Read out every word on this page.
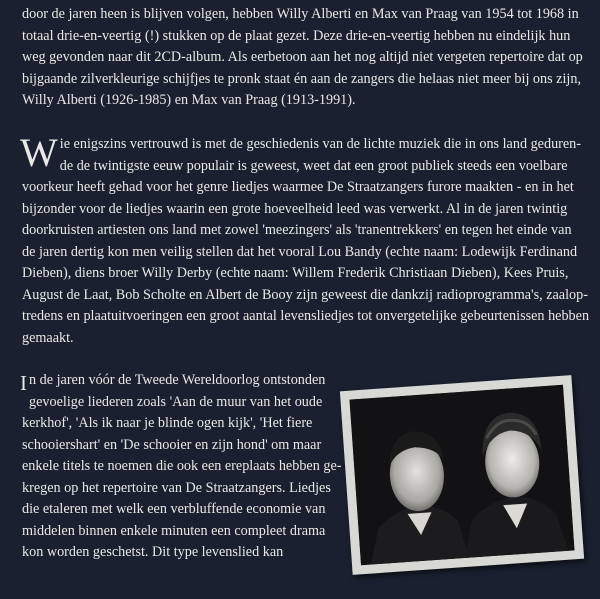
door de jaren heen is blijven volgen, hebben Willy Alberti en Max van Praag van 1954 tot 1968 in
totaal drie-en-veertig (!) stukken op de plaat gezet. Deze drie-en-veertig hebben nu eindelijk hun
weg gevonden naar dit 2CD-album. Als eerbetoon aan het nog altijd niet vergeten repertoire dat op
bijgaande zilverkleurige schijfjes te pronk staat én aan de zangers die helaas niet meer bij ons zijn,
Willy Alberti (1926-1985) en Max van Praag (1913-1991).
W ie enigszins vertrouwd is met de geschiedenis van de lichte muziek die in ons land geduren-
de de twintigste eeuw populair is geweest, weet dat een groot publiek steeds een voelbare
voorkeur heeft gehad voor het genre liedjes waarmee De Straatzangers furore maakten - en in het
bijzonder voor de liedjes waarin een grote hoeveelheid leed was verwerkt. Al in de jaren twintig
doorkruisten artiesten ons land met zowel 'meezingers' als 'tranentrekkers' en tegen het einde van
de jaren dertig kon men veilig stellen dat het vooral Lou Bandy (echte naam: Lodewijk Ferdinand
Dieben), diens broer Willy Derby (echte naam: Willem Frederik Christiaan Dieben), Kees Pruis,
August de Laat, Bob Scholte en Albert de Booy zijn geweest die dankzij radioprogramma's, zaalop-
tredens en plaatuitvoeringen een groot aantal levensliedjes tot onvergetelijke gebeurtenissen hebben
gemaakt.
I n de jaren vóór de Tweede Wereldoorlog ontstonden
gevoelige liederen zoals 'Aan de muur van het oude
kerkhof', 'Als ik naar je blinde ogen kijk', 'Het fiere
schooiershart' en 'De schooier en zijn hond' om maar
enkele titels te noemen die ook een ereplaats hebben ge-
kregen op het repertoire van De Straatzangers. Liedjes
die etaleren met welk een verbluffende economie van
middelen binnen enkele minuten een compleet drama
kon worden geschetst. Dit type levenslied kan
